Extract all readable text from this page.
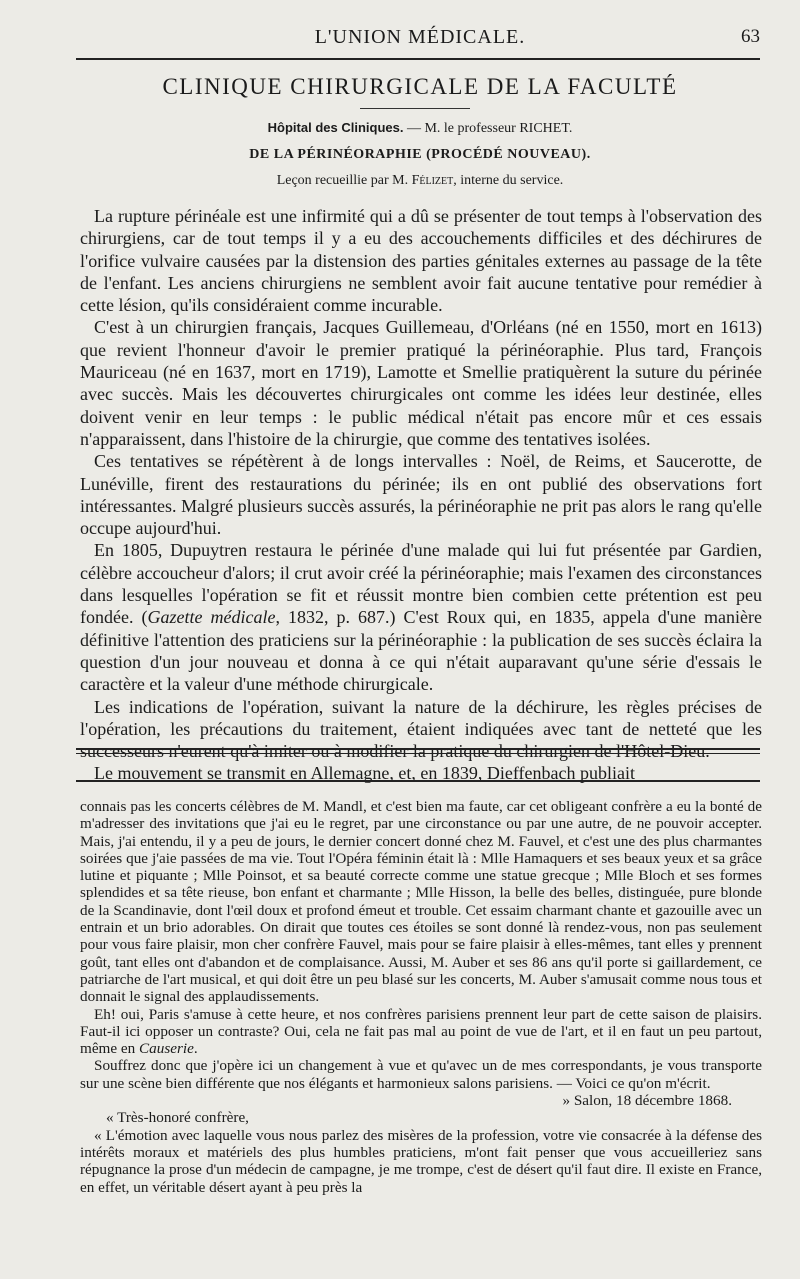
L'UNION MÉDICALE.	63
CLINIQUE CHIRURGICALE DE LA FACULTÉ
Hôpital des Cliniques. — M. le professeur RICHET.
DE LA PÉRINÉORAPHIE (PROCÉDÉ NOUVEAU).
Leçon recueillie par M. Félizet, interne du service.

La rupture périnéale est une infirmité qui a dû se présenter de tout temps à l'observation des chirurgiens, car de tout temps il y a eu des accouchements difficiles et des déchirures de l'orifice vulvaire causées par la distension des parties génitales externes au passage de la tête de l'enfant. Les anciens chirurgiens ne semblent avoir fait aucune tentative pour remédier à cette lésion, qu'ils considéraient comme incurable.

C'est à un chirurgien français, Jacques Guillemeau, d'Orléans (né en 1550, mort en 1613) que revient l'honneur d'avoir le premier pratiqué la périnéoraphie. Plus tard, François Mauriceau (né en 1637, mort en 1719), Lamotte et Smellie pratiquèrent la suture du périnée avec succès. Mais les découvertes chirurgicales ont comme les idées leur destinée, elles doivent venir en leur temps : le public médical n'était pas encore mûr et ces essais n'apparaissent, dans l'histoire de la chirurgie, que comme des tentatives isolées.

Ces tentatives se répétèrent à de longs intervalles : Noël, de Reims, et Saucerotte, de Lunéville, firent des restaurations du périnée; ils en ont publié des observations fort intéressantes. Malgré plusieurs succès assurés, la périnéoraphie ne prit pas alors le rang qu'elle occupe aujourd'hui.

En 1805, Dupuytren restaura le périnée d'une malade qui lui fut présentée par Gardien, célèbre accoucheur d'alors; il crut avoir créé la périnéoraphie; mais l'examen des circonstances dans lesquelles l'opération se fit et réussit montre bien combien cette prétention est peu fondée. (Gazette médicale, 1832, p. 687.) C'est Roux qui, en 1835, appela d'une manière définitive l'attention des praticiens sur la périnéoraphie : la publication de ses succès éclaira la question d'un jour nouveau et donna à ce qui n'était auparavant qu'une série d'essais le caractère et la valeur d'une méthode chirurgicale.

Les indications de l'opération, suivant la nature de la déchirure, les règles précises de l'opération, les précautions du traitement, étaient indiquées avec tant de netteté que les successeurs n'eurent qu'à imiter ou à modifier la pratique du chirurgien de l'Hôtel-Dieu.

Le mouvement se transmit en Allemagne, et, en 1839, Dieffenbach publiait

connais pas les concerts célèbres de M. Mandl, et c'est bien ma faute, car cet obligeant confrère a eu la bonté de m'adresser des invitations que j'ai eu le regret, par une circonstance ou par une autre, de ne pouvoir accepter. Mais, j'ai entendu, il y a peu de jours, le dernier concert donné chez M. Fauvel, et c'est une des plus charmantes soirées que j'aie passées de ma vie. Tout l'Opéra féminin était là : Mlle Hamaquers et ses beaux yeux et sa grâce lutine et piquante ; Mlle Poinsot, et sa beauté correcte comme une statue grecque ; Mlle Bloch et ses formes splendides et sa tête rieuse, bon enfant et charmante ; Mlle Hisson, la belle des belles, distinguée, pure blonde de la Scandinavie, dont l'œil doux et profond émeut et trouble. Cet essaim charmant chante et gazouille avec un entrain et un brio adorables. On dirait que toutes ces étoiles se sont donné là rendez-vous, non pas seulement pour vous faire plaisir, mon cher confrère Fauvel, mais pour se faire plaisir à elles-mêmes, tant elles y prennent goût, tant elles ont d'abandon et de complaisance. Aussi, M. Auber et ses 86 ans qu'il porte si gaillardement, ce patriarche de l'art musical, et qui doit être un peu blasé sur les concerts, M. Auber s'amusait comme nous tous et donnait le signal des applaudissements.

Eh! oui, Paris s'amuse à cette heure, et nos confrères parisiens prennent leur part de cette saison de plaisirs. Faut-il ici opposer un contraste? Oui, cela ne fait pas mal au point de vue de l'art, et il en faut un peu partout, même en Causerie.

Souffrez donc que j'opère ici un changement à vue et qu'avec un de mes correspondants, je vous transporte sur une scène bien différente que nos élégants et harmonieux salons parisiens. — Voici ce qu'on m'écrit.

» Salon, 18 décembre 1868.

« Très-honoré confrère,

« L'émotion avec laquelle vous nous parlez des misères de la profession, votre vie consacrée à la défense des intérêts moraux et matériels des plus humbles praticiens, m'ont fait penser que vous accueilleriez sans répugnance la prose d'un médecin de campagne, je me trompe, c'est de désert qu'il faut dire. Il existe en France, en effet, un véritable désert ayant à peu près la
